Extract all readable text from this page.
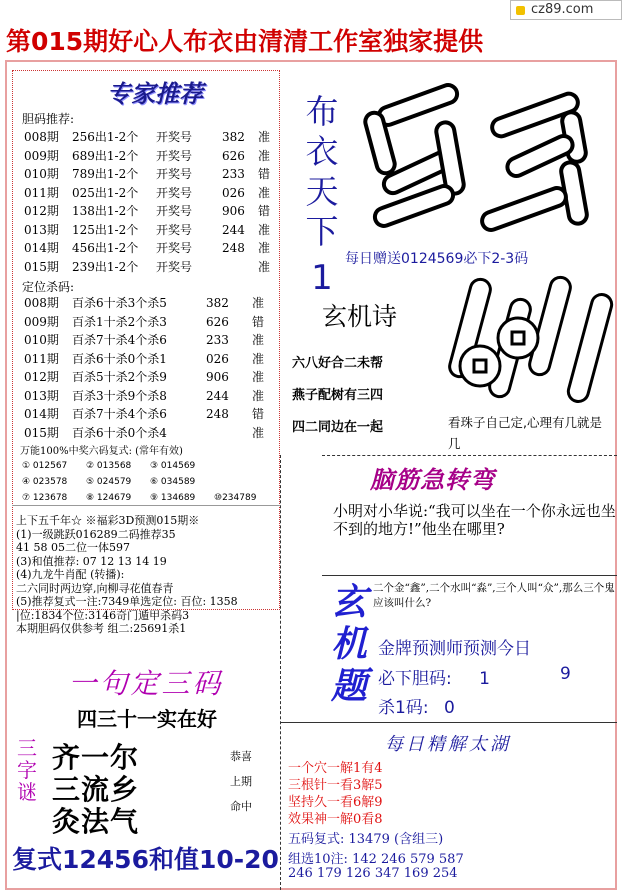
cz89.com
第015期好心人布衣由清清工作室独家提供
专家推荐
胆码推荐:
008期 256出1-2个 开奖号 382 准
009期 689出1-2个 开奖号 626 准
010期 789出1-2个 开奖号 233 错
011期 025出1-2个 开奖号 026 准
012期 138出1-2个 开奖号 906 错
013期 125出1-2个 开奖号 244 准
014期 456出1-2个 开奖号 248 准
015期 239出1-2个 开奖号	准
定位杀码:
008期 百杀6十杀3个杀5	382 准
009期 百杀1十杀2个杀3	626 错
010期 百杀7十杀4个杀6	233 准
011期 百杀6十杀0个杀1	026 准
012期 百杀5十杀2个杀9	906 准
013期 百杀3十杀9个杀8	244 准
014期 百杀7十杀4个杀6	248 错
015期 百杀6十杀0个杀4	准
万能100%中奖六码复式: (常年有效)
① 012567 ② 013568 ③ 014569
④ 023578 ⑤ 024579 ⑥ 034589
⑦ 123678 ⑧ 124679 ⑨ 134689 ⑩234789
上下五千年☆ ※福彩3D预测015期※
(1)一级跳跃016289二码推荐35
41 58 05二位一体597
(3)和值推荐: 07 12 13 14 19
(4)九龙牛肖配 (转播):
二六同时两边穿,向柳寻花值春青
(5)推荐复式一注:7349单选定位: 百位: 1358
|位:1834个位:3146奇门遁甲杀码3
本期胆码仅供参考 组二:25691杀1
布
衣
天
下
1 每日赠送0124569必下2-3码
玄机诗
六八好合二未帮
燕子配树有三四
四二同边在一起	看珠子自己定,心理有几就是几
脑筋急转弯
小明对小华说:“我可以坐在一个你永远也坐不到的地方!”他坐在哪里?
玄
机
题
二个金“鑫”,二个水叫“淼”,三个人叫“众”,那么三个鬼应该叫什么?
金牌预测师预测今日
必下胆码: 1	9
杀1码: 0
每日精解太湖
一个穴一解1有4
三根针一看3解5
坚持久一看6解9
效果神一解0看8
五码复式: 13479 (含组三)
组选10注: 142 246 579 587
246 179 126 347 169 254
一句定三码
四三十一实在好
三
字
谜
齐一尔
三流乡
灸法气
恭喜
上期
命中
复式12456和值10-20
